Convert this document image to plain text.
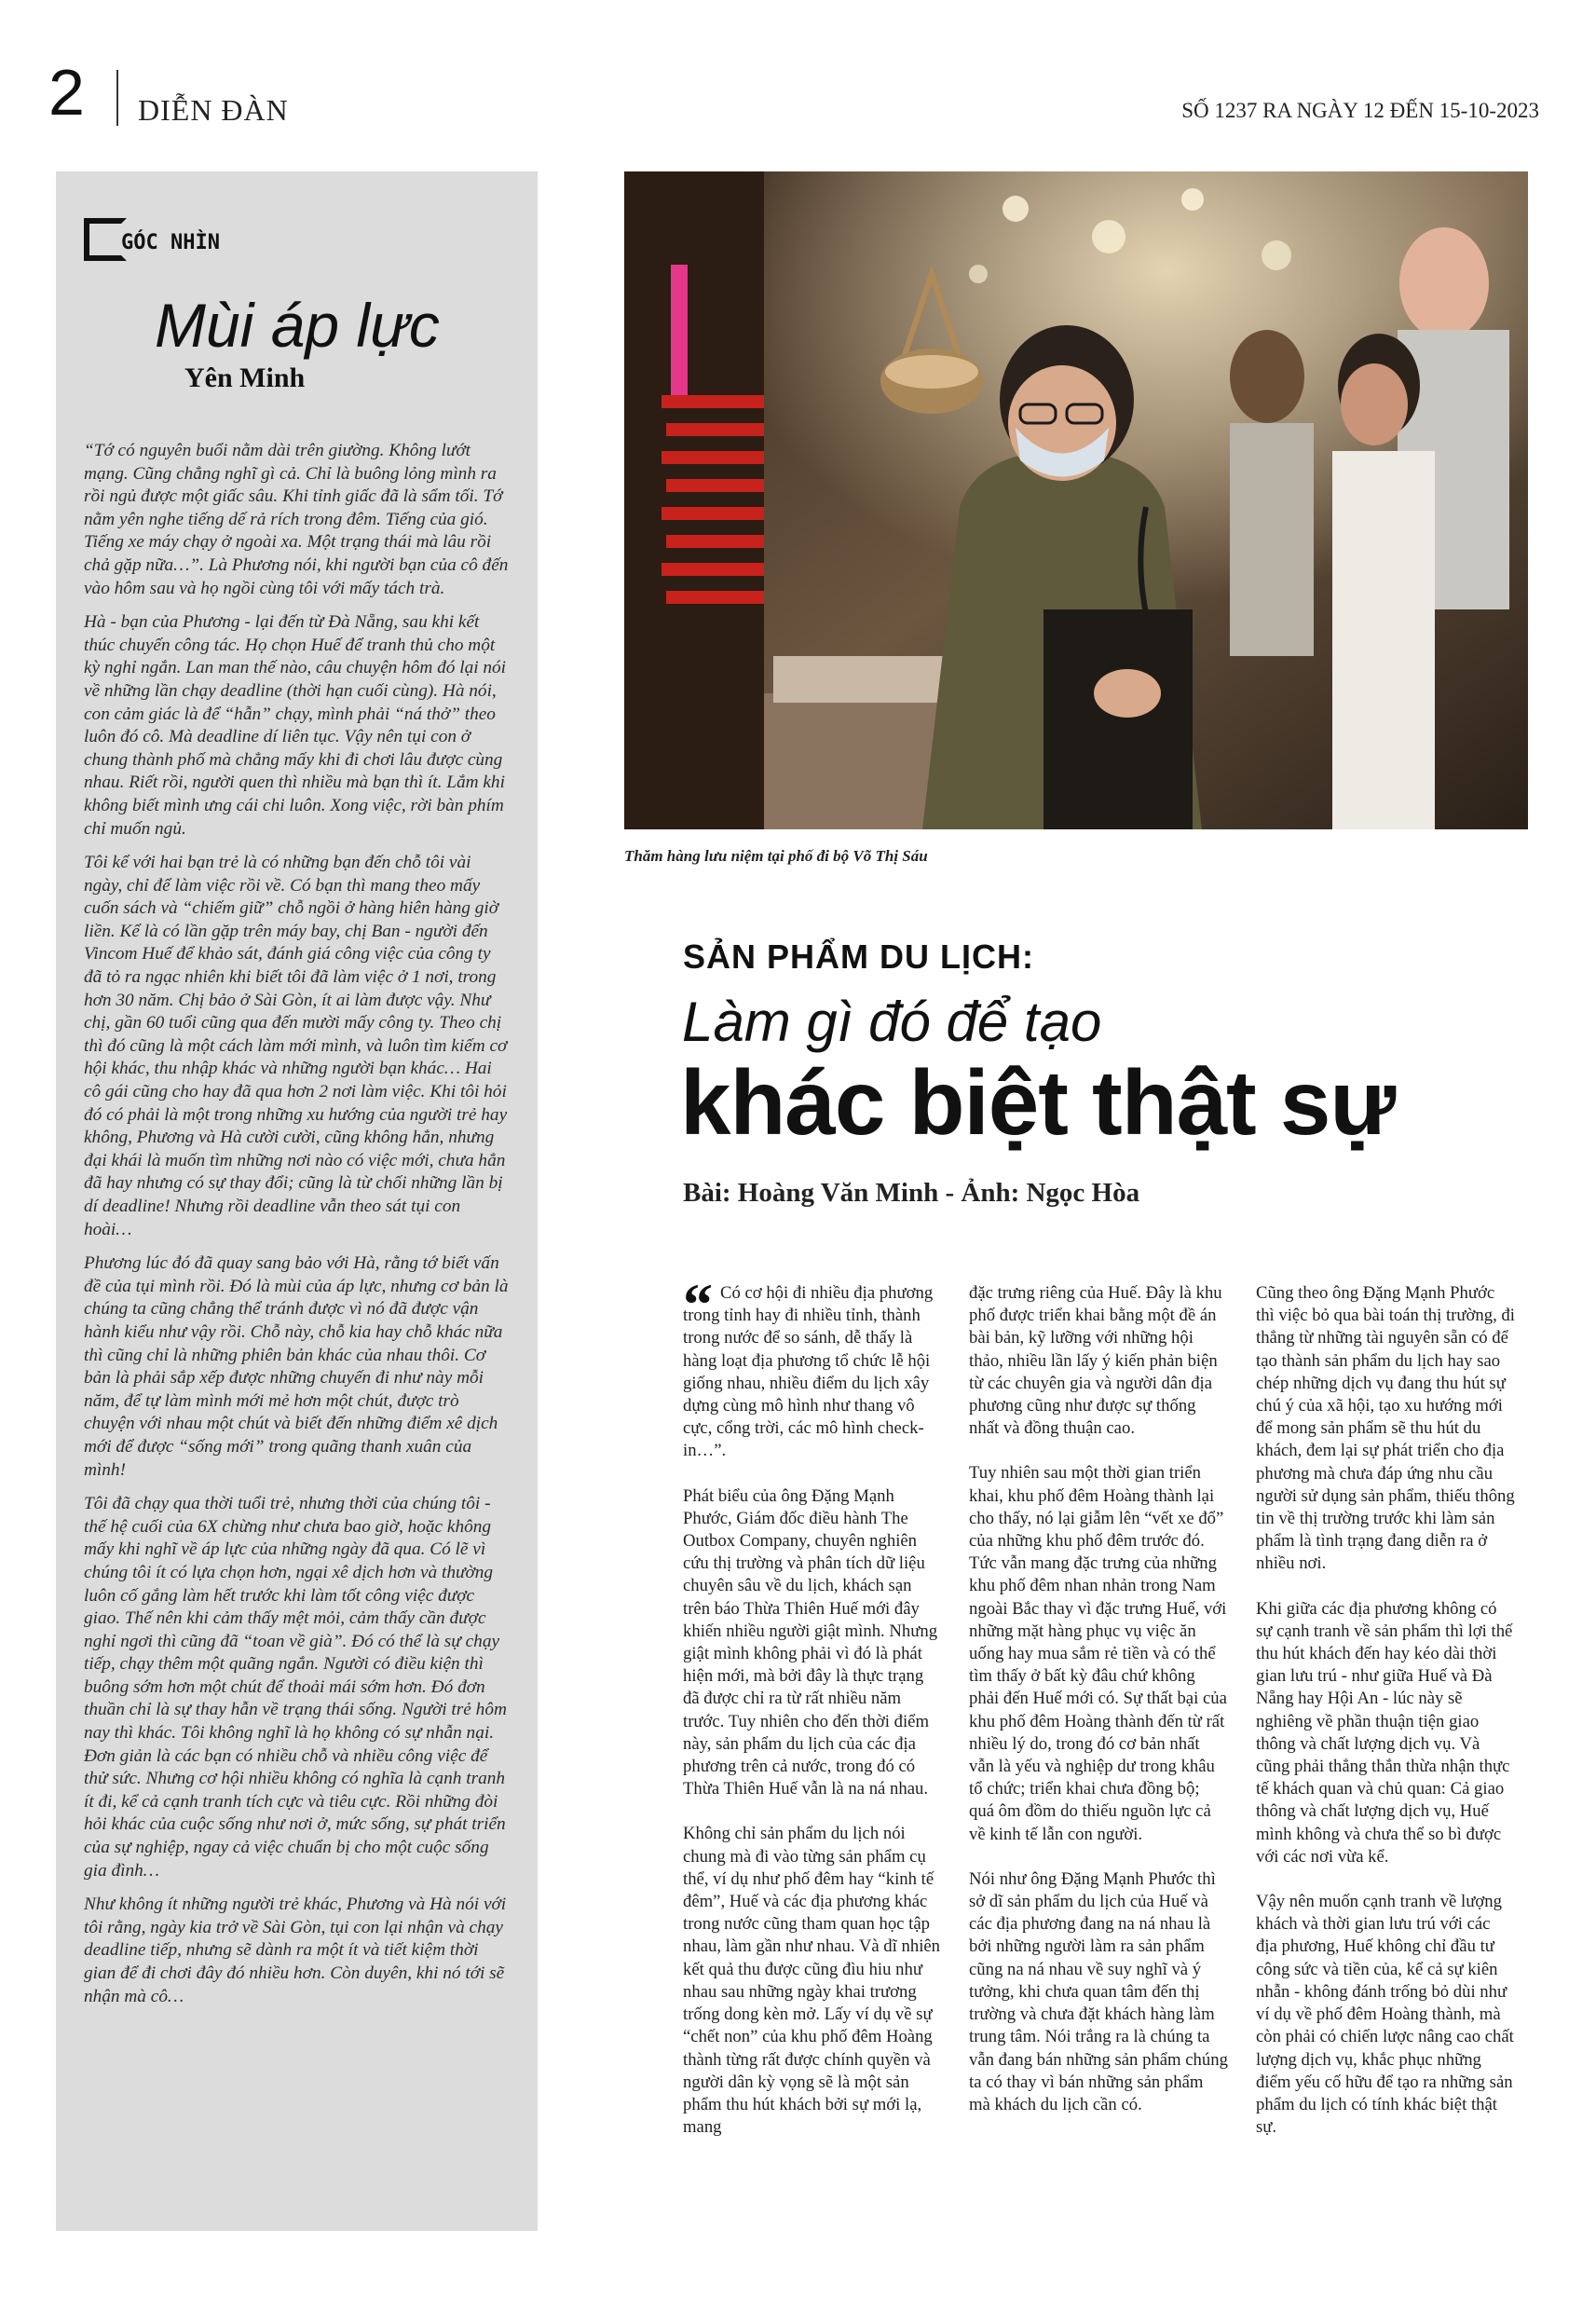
2 DIỄN ĐÀN	SỐ 1237 RA NGÀY 12 ĐẾN 15-10-2023
GÓC NHÌN
Mùi áp lực
Yên Minh

“Tớ có nguyên buổi nằm dài trên giường. Không lướt mạng. Cũng chẳng nghĩ gì cả. Chỉ là buông lỏng mình ra rồi ngủ được một giấc sâu. Khi tỉnh giấc đã là sẩm tối. Tớ nằm yên nghe tiếng dế rả rích trong đêm. Tiếng của gió. Tiếng xe máy chạy ở ngoài xa. Một trạng thái mà lâu rồi chả gặp nữa…”. Là Phương nói, khi người bạn của cô đến vào hôm sau và họ ngồi cùng tôi với mấy tách trà.

Hà - bạn của Phương - lại đến từ Đà Nẵng, sau khi kết thúc chuyến công tác. Họ chọn Huế để tranh thủ cho một kỳ nghỉ ngắn. Lan man thế nào, câu chuyện hôm đó lại nói về những lần chạy deadline (thời hạn cuối cùng). Hà nói, con cảm giác là để “hẫn” chạy, mình phải “ná thở” theo luôn đó cô. Mà deadline dí liên tục. Vậy nên tụi con ở chung thành phố mà chẳng mấy khi đi chơi lâu được cùng nhau. Riết rồi, người quen thì nhiều mà bạn thì ít. Lắm khi không biết mình ưng cái chi luôn. Xong việc, rời bàn phím chỉ muốn ngủ.

Tôi kể với hai bạn trẻ là có những bạn đến chỗ tôi vài ngày, chỉ để làm việc rồi về. Có bạn thì mang theo mấy cuốn sách và “chiếm giữ” chỗ ngồi ở hàng hiên hàng giờ liền. Kể là có lần gặp trên máy bay, chị Ban - người đến Vincom Huế để khảo sát, đánh giá công việc của công ty đã tỏ ra ngạc nhiên khi biết tôi đã làm việc ở 1 nơi, trong hơn 30 năm. Chị bảo ở Sài Gòn, ít ai làm được vậy. Như chị, gần 60 tuổi cũng qua đến mười mấy công ty. Theo chị thì đó cũng là một cách làm mới mình, và luôn tìm kiếm cơ hội khác, thu nhập khác và những người bạn khác… Hai cô gái cũng cho hay đã qua hơn 2 nơi làm việc. Khi tôi hỏi đó có phải là một trong những xu hướng của người trẻ hay không, Phương và Hà cười cười, cũng không hẳn, nhưng đại khái là muốn tìm những nơi nào có việc mới, chưa hẳn đã hay nhưng có sự thay đổi; cũng là từ chối những lần bị dí deadline! Nhưng rồi deadline vẫn theo sát tụi con hoài…

Phương lúc đó đã quay sang bảo với Hà, rằng tớ biết vấn đề của tụi mình rồi. Đó là mùi của áp lực, nhưng cơ bản là chúng ta cũng chẳng thể tránh được vì nó đã được vận hành kiểu như vậy rồi. Chỗ này, chỗ kia hay chỗ khác nữa thì cũng chỉ là những phiên bản khác của nhau thôi. Cơ bản là phải sắp xếp được những chuyến đi như này mỗi năm, để tự làm mình mới mẻ hơn một chút, được trò chuyện với nhau một chút và biết đến những điểm xê dịch mới để được “sống mới” trong quãng thanh xuân của mình!

Tôi đã chạy qua thời tuổi trẻ, nhưng thời của chúng tôi - thế hệ cuối của 6X chừng như chưa bao giờ, hoặc không mấy khi nghĩ về áp lực của những ngày đã qua. Có lẽ vì chúng tôi ít có lựa chọn hơn, ngại xê dịch hơn và thường luôn cố gắng làm hết trước khi làm tốt công việc được giao. Thế nên khi cảm thấy mệt mỏi, cảm thấy cần được nghỉ ngơi thì cũng đã “toan về già”. Đó có thể là sự chạy tiếp, chạy thêm một quãng ngắn. Người có điều kiện thì buông sớm hơn một chút để thoải mái sớm hơn. Đó đơn thuần chỉ là sự thay hẫn về trạng thái sống. Người trẻ hôm nay thì khác. Tôi không nghĩ là họ không có sự nhẫn nại. Đơn giản là các bạn có nhiều chỗ và nhiều công việc để thử sức. Nhưng cơ hội nhiều không có nghĩa là cạnh tranh ít đi, kể cả cạnh tranh tích cực và tiêu cực. Rồi những đòi hỏi khác của cuộc sống như nơi ở, mức sống, sự phát triển của sự nghiệp, ngay cả việc chuẩn bị cho một cuộc sống gia đình…

Như không ít những người trẻ khác, Phương và Hà nói với tôi rằng, ngày kia trở về Sài Gòn, tụi con lại nhận và chạy deadline tiếp, nhưng sẽ dành ra một ít và tiết kiệm thời gian để đi chơi đây đó nhiều hơn. Còn duyên, khi nó tới sẽ nhận mà cô…

Thăm hàng lưu niệm tại phố đi bộ Võ Thị Sáu
SẢN PHẨM DU LỊCH:
Làm gì đó để tạo
khác biệt thật sự
Bài: Hoàng Văn Minh - Ảnh: Ngọc Hòa
“ Có cơ hội đi nhiều địa phương trong tỉnh hay đi nhiều tỉnh, thành trong nước để so sánh, dễ thấy là hàng loạt địa phương tổ chức lễ hội giống nhau, nhiều điểm du lịch xây dựng cùng mô hình như thang vô cực, cổng trời, các mô hình check-in…”.

Phát biểu của ông Đặng Mạnh Phước, Giám đốc điều hành The Outbox Company, chuyên nghiên cứu thị trường và phân tích dữ liệu chuyên sâu về du lịch, khách sạn trên báo Thừa Thiên Huế mới đây khiến nhiều người giật mình. Nhưng giật mình không phải vì đó là phát hiện mới, mà bởi đây là thực trạng đã được chỉ ra từ rất nhiều năm trước. Tuy nhiên cho đến thời điểm này, sản phẩm du lịch của các địa phương trên cả nước, trong đó có Thừa Thiên Huế vẫn là na ná nhau.

Không chỉ sản phẩm du lịch nói chung mà đi vào từng sản phẩm cụ thể, ví dụ như phố đêm hay “kinh tế đêm”, Huế và các địa phương khác trong nước cũng tham quan học tập nhau, làm gần như nhau. Và dĩ nhiên kết quả thu được cũng đìu hiu như nhau sau những ngày khai trương trống dong kèn mở. Lấy ví dụ về sự “chết non” của khu phố đêm Hoàng thành từng rất được chính quyền và người dân kỳ vọng sẽ là một sản phẩm thu hút khách bởi sự mới lạ, mang

đặc trưng riêng của Huế. Đây là khu phố được triển khai bằng một đề án bài bản, kỹ lưỡng với những hội thảo, nhiều lần lấy ý kiến phản biện từ các chuyên gia và người dân địa phương cũng như được sự thống nhất và đồng thuận cao.

Tuy nhiên sau một thời gian triển khai, khu phố đêm Hoàng thành lại cho thấy, nó lại giẫm lên “vết xe đổ” của những khu phố đêm trước đó. Tức vẫn mang đặc trưng của những khu phố đêm nhan nhản trong Nam ngoài Bắc thay vì đặc trưng Huế, với những mặt hàng phục vụ việc ăn uống hay mua sắm rẻ tiền và có thể tìm thấy ở bất kỳ đâu chứ không phải đến Huế mới có. Sự thất bại của khu phố đêm Hoàng thành đến từ rất nhiều lý do, trong đó cơ bản nhất vẫn là yếu và nghiệp dư trong khâu tổ chức; triển khai chưa đồng bộ; quá ôm đồm do thiếu nguồn lực cả về kinh tế lẫn con người.

Nói như ông Đặng Mạnh Phước thì sở dĩ sản phẩm du lịch của Huế và các địa phương đang na ná nhau là bởi những người làm ra sản phẩm cũng na ná nhau về suy nghĩ và ý tưởng, khi chưa quan tâm đến thị trường và chưa đặt khách hàng làm trung tâm. Nói trắng ra là chúng ta vẫn đang bán những sản phẩm chúng ta có thay vì bán những sản phẩm mà khách du lịch cần có.

Cũng theo ông Đặng Mạnh Phước thì việc bỏ qua bài toán thị trường, đi thẳng từ những tài nguyên sẵn có để tạo thành sản phẩm du lịch hay sao chép những dịch vụ đang thu hút sự chú ý của xã hội, tạo xu hướng mới để mong sản phẩm sẽ thu hút du khách, đem lại sự phát triển cho địa phương mà chưa đáp ứng nhu cầu người sử dụng sản phẩm, thiếu thông tin về thị trường trước khi làm sản phẩm là tình trạng đang diễn ra ở nhiều nơi.

Khi giữa các địa phương không có sự cạnh tranh về sản phẩm thì lợi thế thu hút khách đến hay kéo dài thời gian lưu trú - như giữa Huế và Đà Nẵng hay Hội An - lúc này sẽ nghiêng về phần thuận tiện giao thông và chất lượng dịch vụ. Và cũng phải thẳng thắn thừa nhận thực tế khách quan và chủ quan: Cả giao thông và chất lượng dịch vụ, Huế mình không và chưa thể so bì được với các nơi vừa kể.

Vậy nên muốn cạnh tranh về lượng khách và thời gian lưu trú với các địa phương, Huế không chỉ đầu tư công sức và tiền của, kể cả sự kiên nhẫn - không đánh trống bỏ dùi như ví dụ về phố đêm Hoàng thành, mà còn phải có chiến lược nâng cao chất lượng dịch vụ, khắc phục những điểm yếu cố hữu để tạo ra những sản phẩm du lịch có tính khác biệt thật sự.
